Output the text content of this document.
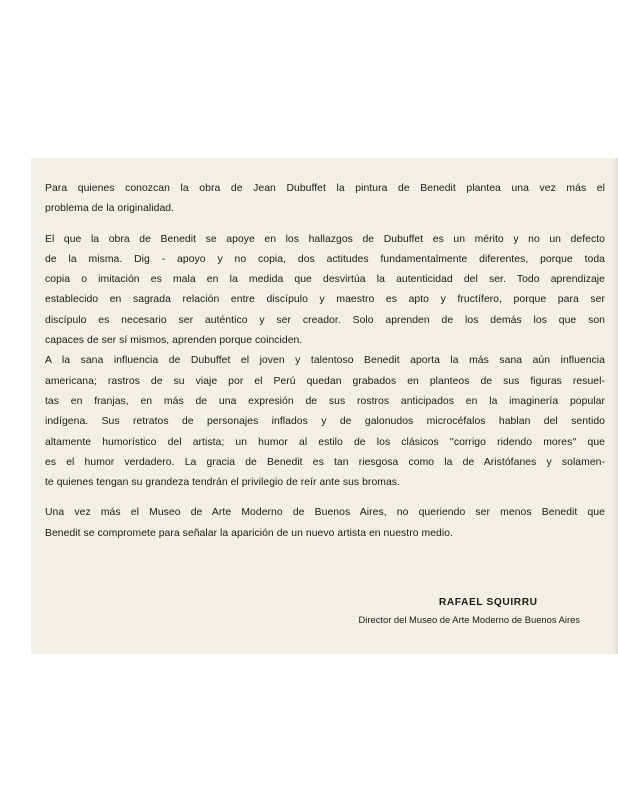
Para quienes conozcan la obra de Jean Dubuffet la pintura de Benedit plantea una vez más el
problema de la originalidad.
El que la obra de Benedit se apoye en los hallazgos de Dubuffet es un mérito y no un defecto
de la misma. Dig - apoyo y no copia, dos actitudes fundamentalmente diferentes, porque toda
copia o imitación es mala en la medida que desvirtúa la autenticidad del ser. Todo aprendizaje
establecido en sagrada relación entre discípulo y maestro es apto y fructífero, porque para ser
discípulo es necesario ser auténtico y ser creador. Solo aprenden de los demás los que son
capaces de ser sí mismos, aprenden porque coinciden.
A la sana influencia de Dubuffet el joven y talentoso Benedit aporta la más sana aún influencia
americana; rastros de su viaje por el Perú quedan grabados en planteos de sus figuras resuel-
tas en franjas, en más de una expresión de sus rostros anticipados en la imaginería popular
indígena. Sus retratos de personajes inflados y de galonudos microcéfalos hablan del sentido
altamente humorístico del artista; un humor al estilo de los clásicos ''corrigo ridendo mores'' que
es el humor verdadero. La gracia de Benedit es tan riesgosa como la de Aristófanes y solamen-
te quienes tengan su grandeza tendrán el privilegio de reír ante sus bromas.
Una vez más el Museo de Arte Moderno de Buenos Aires, no queriendo ser menos Benedit que
Benedit se compromete para señalar la aparición de un nuevo artista en nuestro medio.
RAFAEL SQUIRRU
Director del Museo de Arte Moderno de Buenos Aires
